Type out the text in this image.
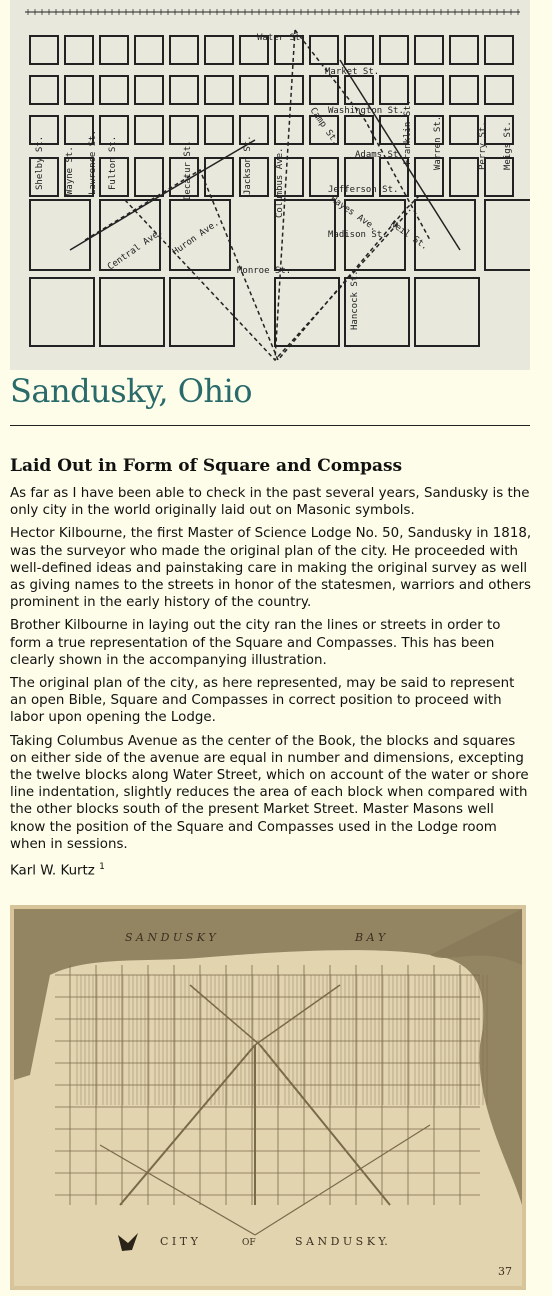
Water St.
Market St.
Washington St.
Adams St.
Jefferson St.
Madison St.
Monroe St.
Shelby St. Wayne St.	Jackson St. Columbus Ave.
Decatur St.
Fulton St.
Lawrence St.	Meigs St.
Perry St.
Warren St.
Franklin St.
Hancock St.
Central Ave. Huron Ave.
Hayes Ave.
Camp St.
Neil St.
Sandusky, Ohio
Laid Out in Form of Square and Compass

As far as I have been able to check in the past several years, Sandusky is the only city in the world originally laid out on Masonic symbols.

Hector Kilbourne, the first Master of Science Lodge No. 50, Sandusky in 1818, was the surveyor who made the original plan of the city. He proceeded with well-defined ideas and painstaking care in making the original survey as well as giving names to the streets in honor of the statesmen, warriors and others prominent in the early history of the country.

Brother Kilbourne in laying out the city ran the lines or streets in order to form a true representation of the Square and Compasses. This has been clearly shown in the accompanying illustration.

The original plan of the city, as here represented, may be said to represent an open Bible, Square and Compasses in correct position to proceed with labor upon opening the Lodge.

Taking Columbus Avenue as the center of the Book, the blocks and squares on either side of the avenue are equal in number and dimensions, excepting the twelve blocks along Water Street, which on account of the water or shore line indentation, slightly reduces the area of each block when compared with the other blocks south of the present Market Street. Master Masons well know the position of the Square and Compasses used in the Lodge room when in sessions.

Karl W. Kurtz $^1$

S A N D U S K Y	B A Y
C I T Y	OF	S A N D U S K Y.
37
